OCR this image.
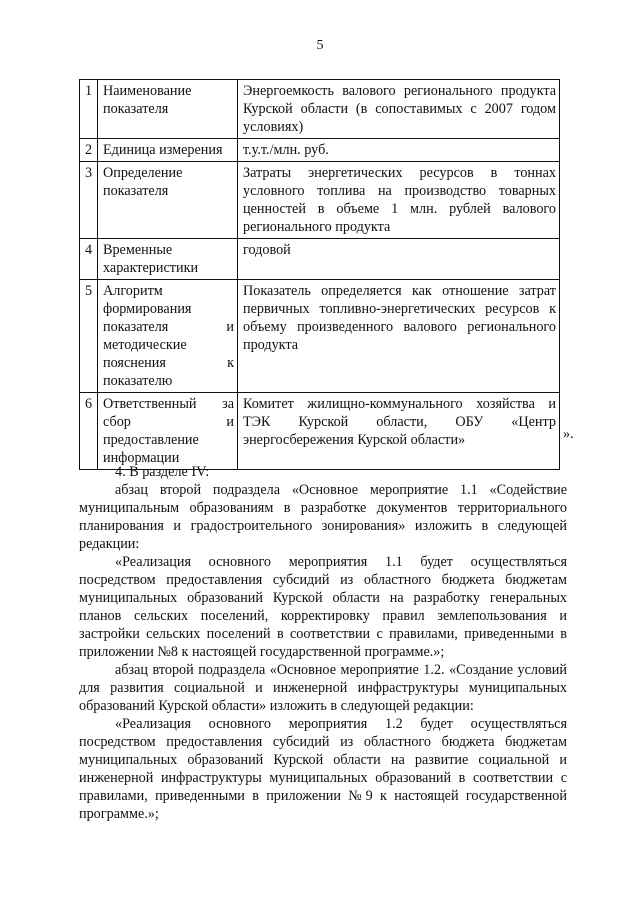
5
1	Наименование показателя	Энергоемкость валового регионального продукта Курской области (в сопоставимых с 2007 годом условиях)
2	Единица измерения	т.у.т./млн. руб.
3	Определение показателя	Затраты энергетических ресурсов в тоннах условного топлива на производство товарных ценностей в объеме 1 млн. рублей валового регионального продукта
4	Временные характеристики	годовой
5	Алгоритм формирования показателя и методические пояснения к показателю	Показатель определяется как отношение затрат первичных топливно-энергетических ресурсов к объему произведенного валового регионального продукта
6	Ответственный за сбор и предоставление информации	Комитет жилищно-коммунального хозяйства и ТЭК Курской области, ОБУ «Центр энергосбережения Курской области»	».

4. В разделе IV:

абзац второй подраздела «Основное мероприятие 1.1 «Содействие муниципальным образованиям в разработке документов территориального планирования и градостроительного зонирования» изложить в следующей редакции:

«Реализация основного мероприятия 1.1 будет осуществляться посредством предоставления субсидий из областного бюджета бюджетам муниципальных образований Курской области на разработку генеральных планов сельских поселений, корректировку правил землепользования и застройки сельских поселений в соответствии с правилами, приведенными в приложении №8 к настоящей государственной программе.»;

абзац второй подраздела «Основное мероприятие 1.2. «Создание условий для развития социальной и инженерной инфраструктуры муниципальных образований Курской области» изложить в следующей редакции:

«Реализация основного мероприятия 1.2 будет осуществляться посредством предоставления субсидий из областного бюджета бюджетам муниципальных образований Курской области на развитие социальной и инженерной инфраструктуры муниципальных образований в соответствии с правилами, приведенными в приложении №9 к настоящей государственной программе.»;
